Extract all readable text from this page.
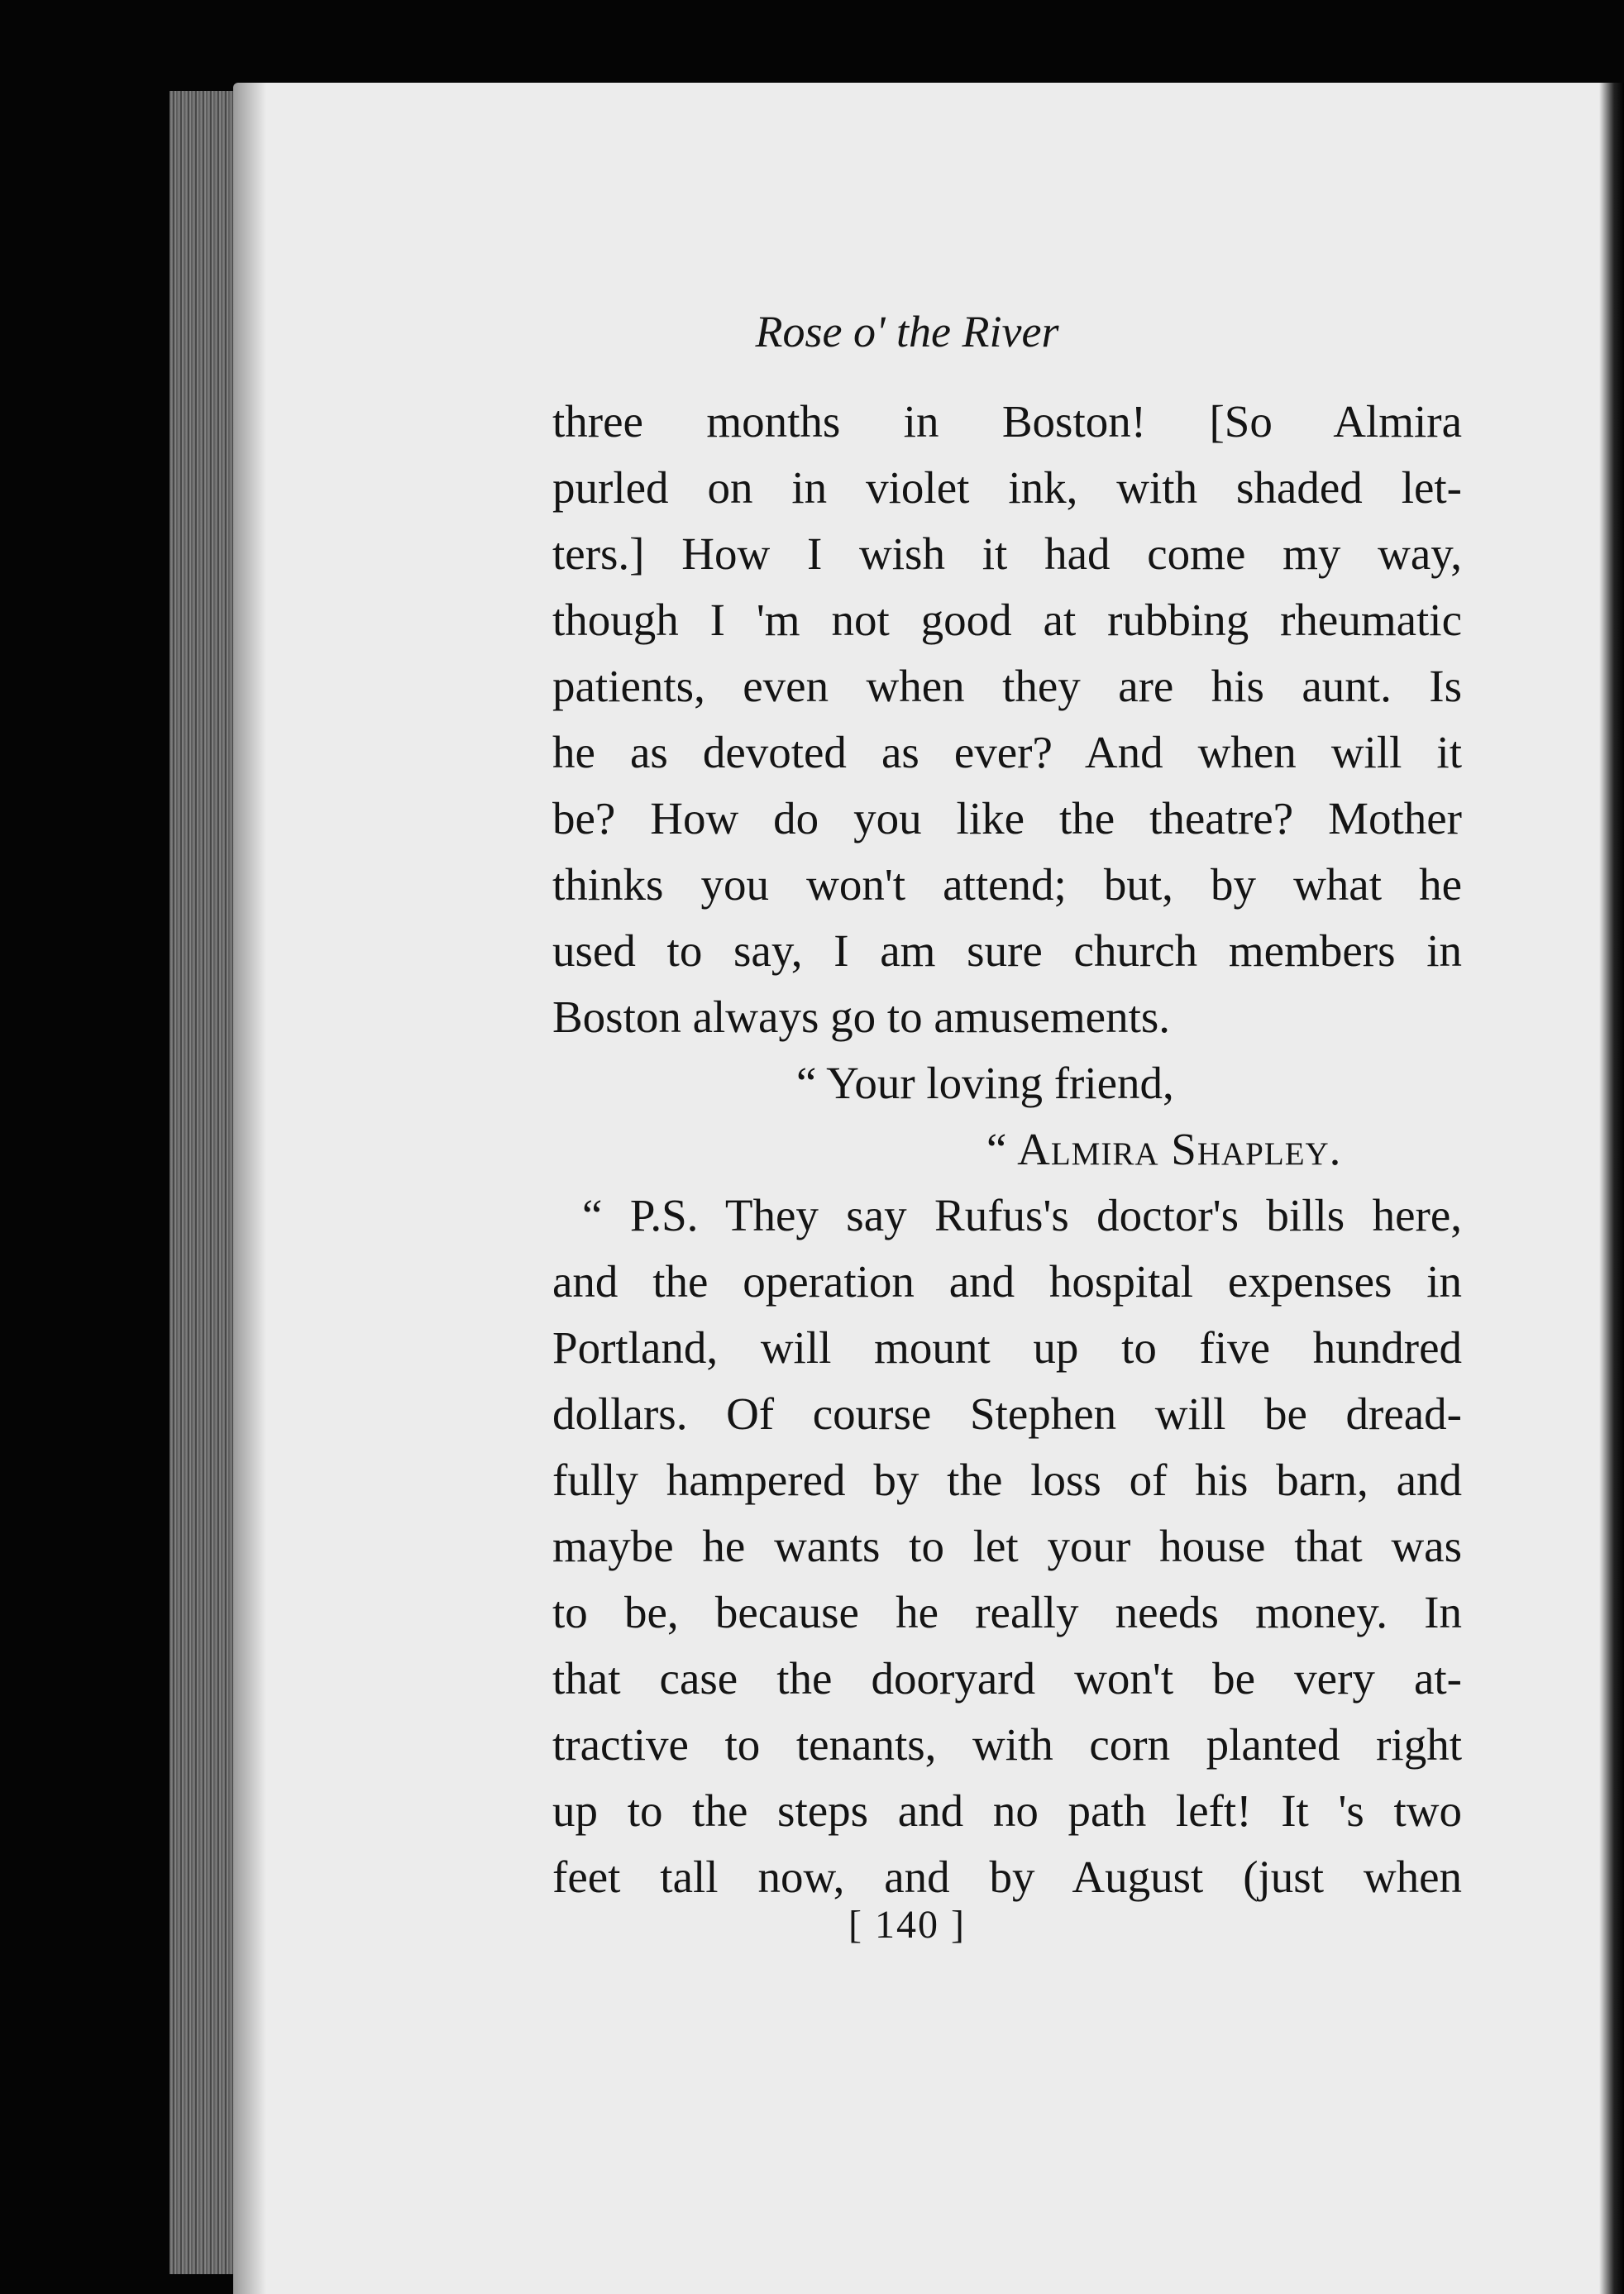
Rose o' the River
three months in Boston! [So Almira
purled on in violet ink, with shaded let-
ters.] How I wish it had come my way,
though I 'm not good at rubbing rheumatic
patients, even when they are his aunt. Is
he as devoted as ever? And when will it
be? How do you like the theatre? Mother
thinks you won't attend; but, by what he
used to say, I am sure church members in
Boston always go to amusements.
“ Your loving friend,
“ Almira Shapley.
“ P.S. They say Rufus's doctor's bills here,
and the operation and hospital expenses in
Portland, will mount up to five hundred
dollars. Of course Stephen will be dread-
fully hampered by the loss of his barn, and
maybe he wants to let your house that was
to be, because he really needs money. In
that case the dooryard won't be very at-
tractive to tenants, with corn planted right
up to the steps and no path left! It 's two
feet tall now, and by August (just when
[ 140 ]
